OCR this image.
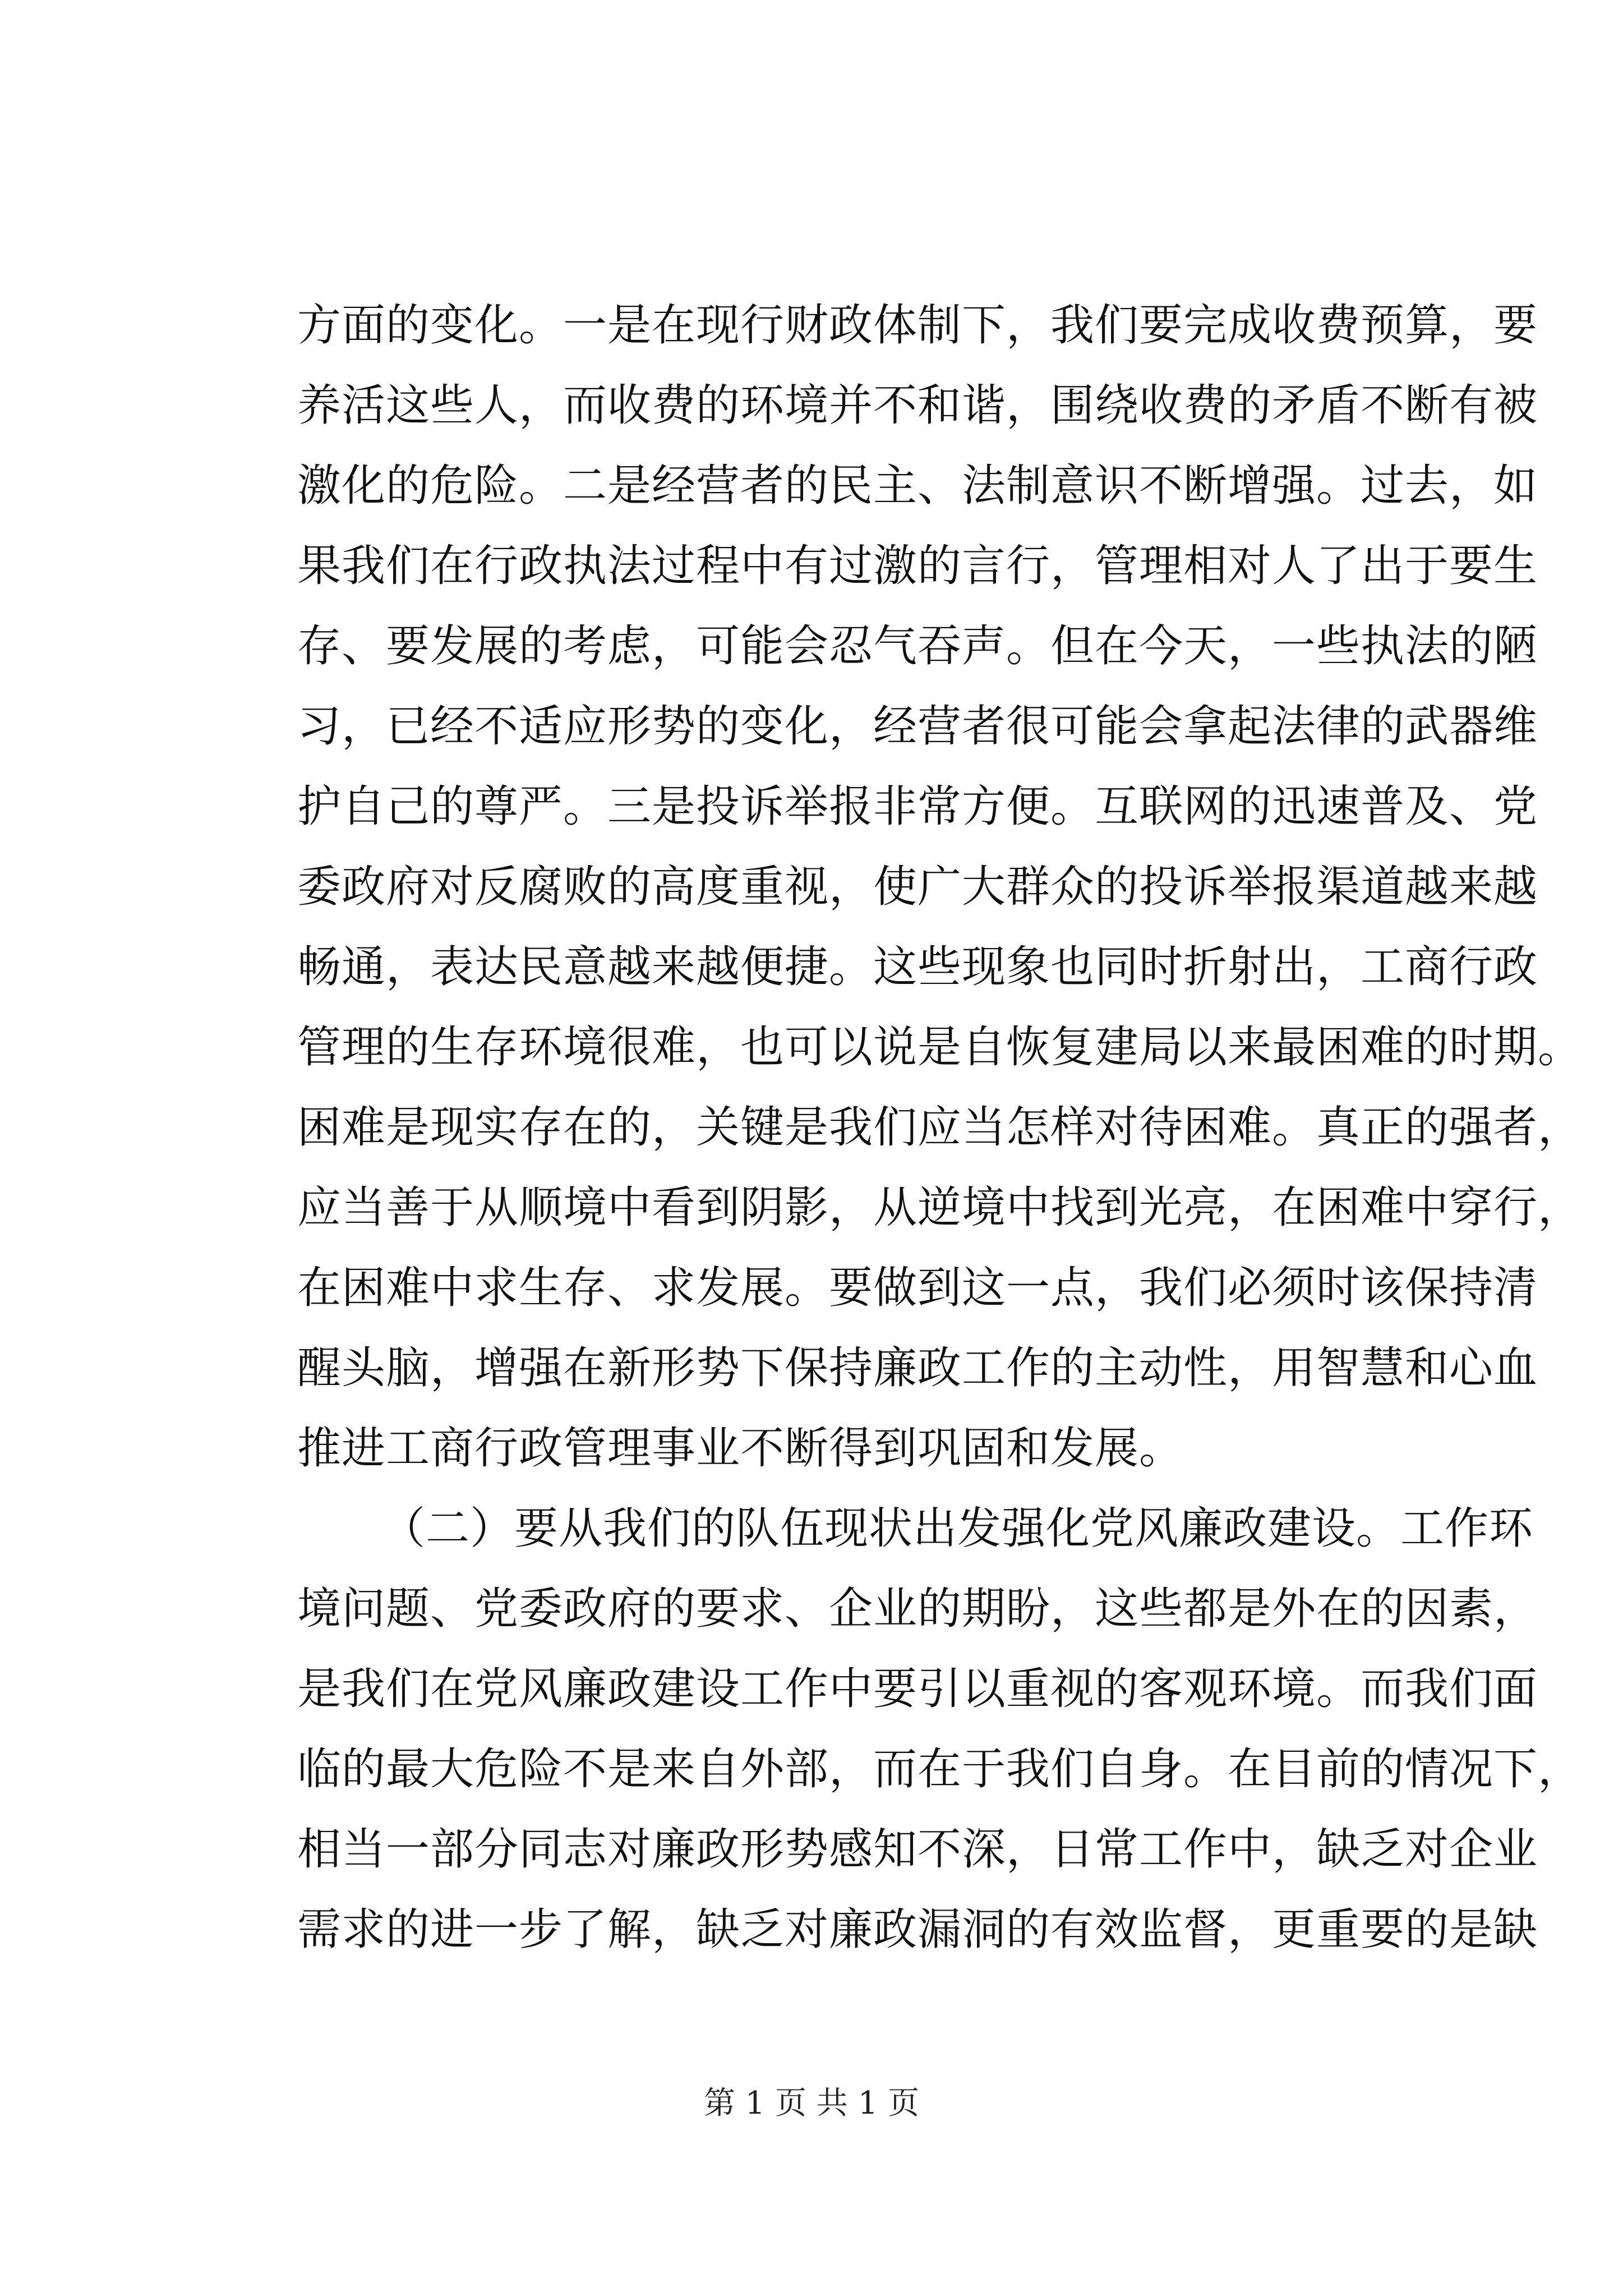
方面的变化。一是在现行财政体制下，我们要完成收费预算，要
养活这些人，而收费的环境并不和谐，围绕收费的矛盾不断有被
激化的危险。二是经营者的民主、法制意识不断增强。过去，如
果我们在行政执法过程中有过激的言行，管理相对人了出于要生
存、要发展的考虑，可能会忍气吞声。但在今天，一些执法的陋
习，已经不适应形势的变化，经营者很可能会拿起法律的武器维
护自己的尊严。三是投诉举报非常方便。互联网的迅速普及、党
委政府对反腐败的高度重视，使广大群众的投诉举报渠道越来越
畅通，表达民意越来越便捷。这些现象也同时折射出，工商行政
管理的生存环境很难，也可以说是自恢复建局以来最困难的时期。
困难是现实存在的，关键是我们应当怎样对待困难。真正的强者，
应当善于从顺境中看到阴影，从逆境中找到光亮，在困难中穿行，
在困难中求生存、求发展。要做到这一点，我们必须时该保持清
醒头脑，增强在新形势下保持廉政工作的主动性，用智慧和心血
推进工商行政管理事业不断得到巩固和发展。
（二）要从我们的队伍现状出发强化党风廉政建设。工作环
境问题、党委政府的要求、企业的期盼，这些都是外在的因素，
是我们在党风廉政建设工作中要引以重视的客观环境。而我们面
临的最大危险不是来自外部，而在于我们自身。在目前的情况下，
相当一部分同志对廉政形势感知不深，日常工作中，缺乏对企业
需求的进一步了解，缺乏对廉政漏洞的有效监督，更重要的是缺
第 1 页 共 1 页
